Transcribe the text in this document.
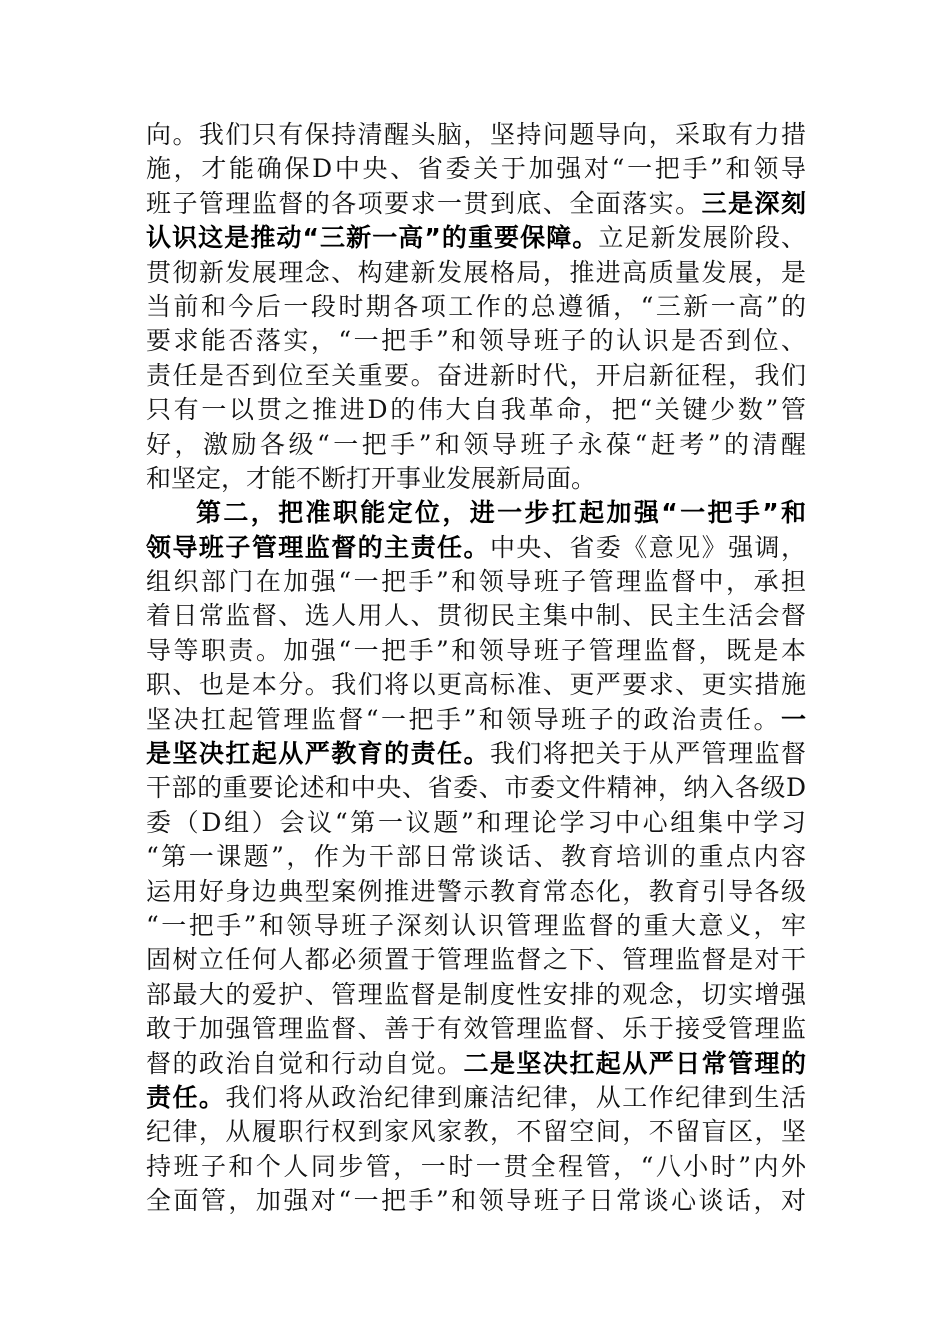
向。我们只有保持清醒头脑，坚持问题导向，采取有力措
施，才能确保D中央、省委关于加强对“一把手”和领导
班子管理监督的各项要求一贯到底、全面落实。三是深刻
认识这是推动“三新一高”的重要保障。立足新发展阶段、
贯彻新发展理念、构建新发展格局，推进高质量发展，是
当前和今后一段时期各项工作的总遵循，“三新一高”的
要求能否落实，“一把手”和领导班子的认识是否到位、
责任是否到位至关重要。奋进新时代，开启新征程，我们
只有一以贯之推进D的伟大自我革命，把“关键少数”管
好，激励各级“一把手”和领导班子永葆“赶考”的清醒
和坚定，才能不断打开事业发展新局面。
第二，把准职能定位，进一步扛起加强“一把手”和
领导班子管理监督的主责任。中央、省委《意见》强调，
组织部门在加强“一把手”和领导班子管理监督中，承担
着日常监督、选人用人、贯彻民主集中制、民主生活会督
导等职责。加强“一把手”和领导班子管理监督，既是本
职、也是本分。我们将以更高标准、更严要求、更实措施
坚决扛起管理监督“一把手”和领导班子的政治责任。一
是坚决扛起从严教育的责任。我们将把关于从严管理监督
干部的重要论述和中央、省委、市委文件精神，纳入各级D
委（D组）会议“第一议题”和理论学习中心组集中学习
“第一课题”，作为干部日常谈话、教育培训的重点内容
运用好身边典型案例推进警示教育常态化，教育引导各级
“一把手”和领导班子深刻认识管理监督的重大意义，牢
固树立任何人都必须置于管理监督之下、管理监督是对干
部最大的爱护、管理监督是制度性安排的观念，切实增强
敢于加强管理监督、善于有效管理监督、乐于接受管理监
督的政治自觉和行动自觉。二是坚决扛起从严日常管理的
责任。我们将从政治纪律到廉洁纪律，从工作纪律到生活
纪律，从履职行权到家风家教，不留空间，不留盲区，坚
持班子和个人同步管，一时一贯全程管，“八小时”内外
全面管，加强对“一把手”和领导班子日常谈心谈话，对
